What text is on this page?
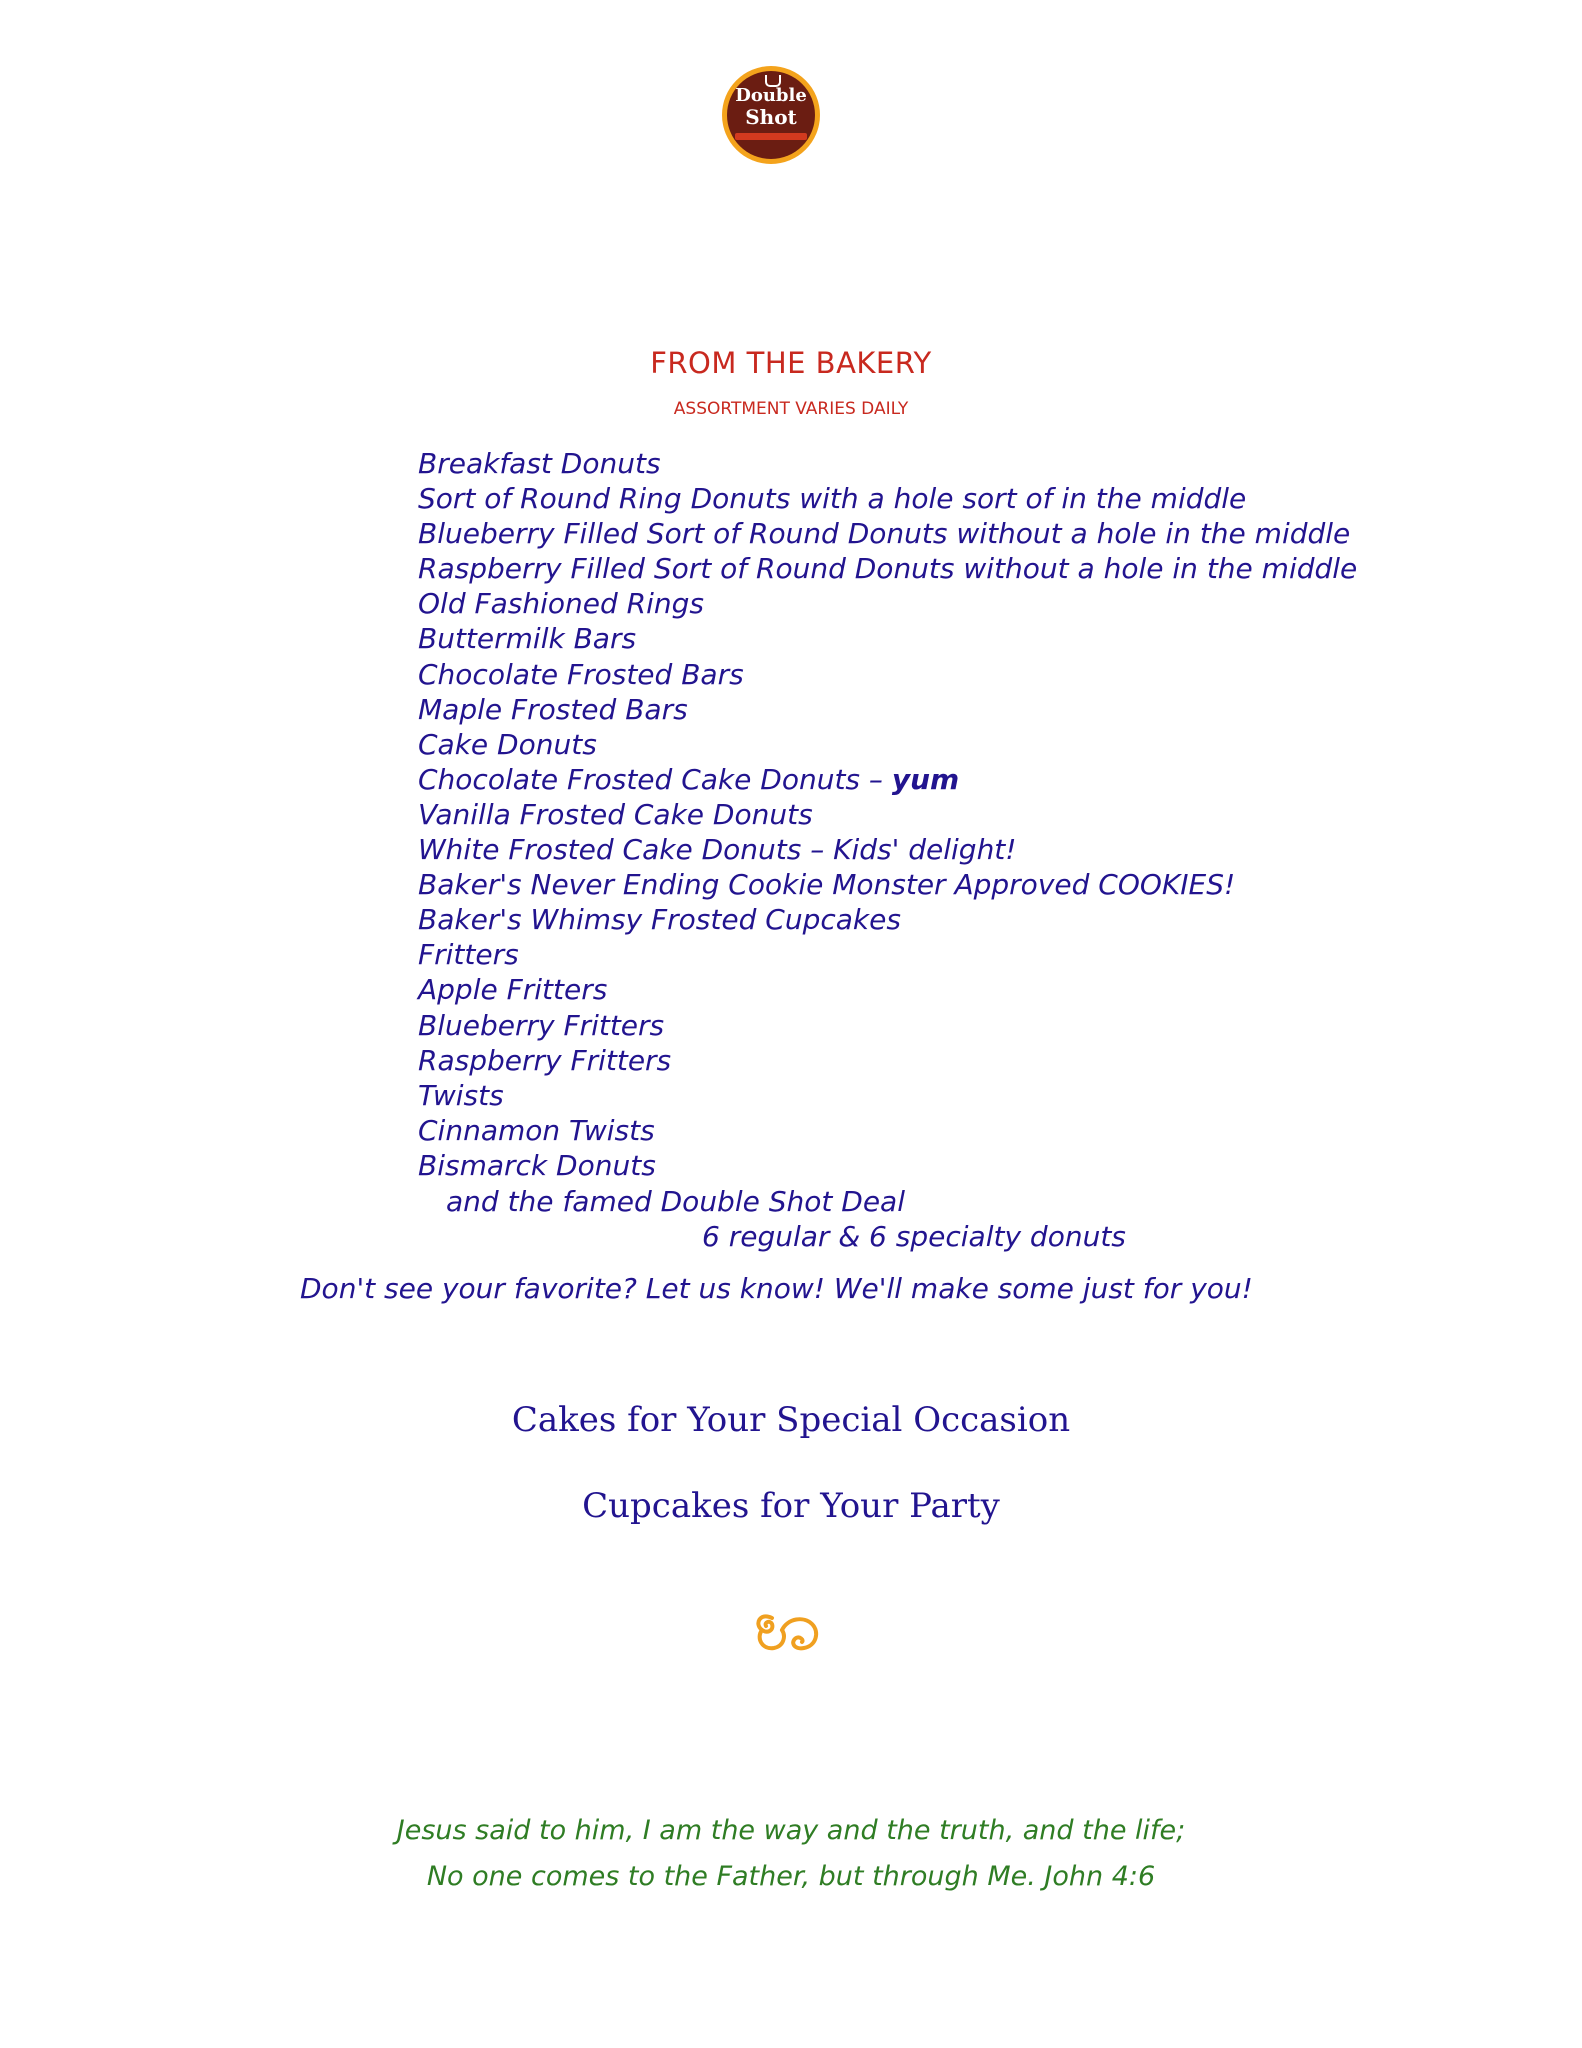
Double
Shot
FROM THE BAKERY
ASSORTMENT VARIES DAILY
Breakfast Donuts
Sort of Round Ring Donuts with a hole sort of in the middle
Blueberry Filled Sort of Round Donuts without a hole in the middle
Raspberry Filled Sort of Round Donuts without a hole in the middle
Old Fashioned Rings
Buttermilk Bars
Chocolate Frosted Bars
Maple Frosted Bars
Cake Donuts
Chocolate Frosted Cake Donuts – yum
Vanilla Frosted Cake Donuts
White Frosted Cake Donuts – Kids' delight!
Baker's Never Ending Cookie Monster Approved COOKIES!
Baker's Whimsy Frosted Cupcakes
Fritters
Apple Fritters
Blueberry Fritters
Raspberry Fritters
Twists
Cinnamon Twists
Bismarck Donuts
and the famed Double Shot Deal
6 regular & 6 specialty donuts
Don't see your favorite? Let us know! We'll make some just for you!
Cakes for Your Special Occasion
Cupcakes for Your Party
Jesus said to him, I am the way and the truth, and the life;
No one comes to the Father, but through Me. John 4:6
